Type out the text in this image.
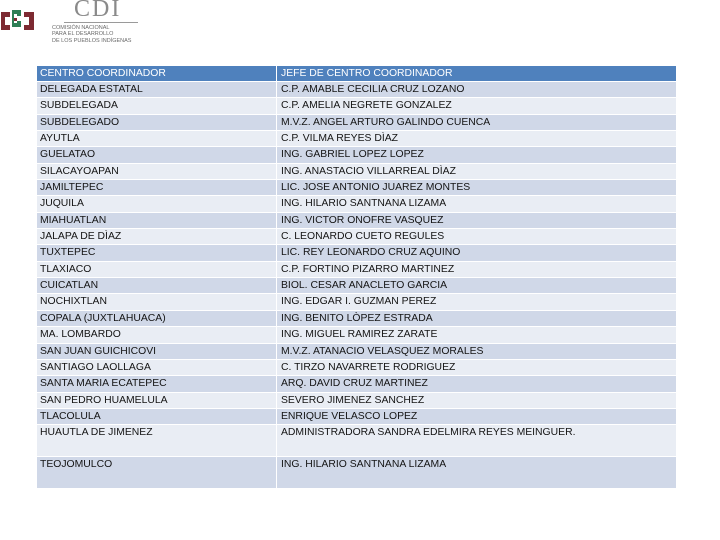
CDI
COMISIÓN NACIONAL
PARA EL DESARROLLO
DE LOS PUEBLOS INDÍGENAS
CENTRO COORDINADOR	JEFE DE CENTRO COORDINADOR
DELEGADA ESTATAL	C.P. AMABLE CECILIA CRUZ LOZANO
SUBDELEGADA	C.P. AMELIA NEGRETE GONZALEZ
SUBDELEGADO	M.V.Z. ANGEL ARTURO GALINDO CUENCA
AYUTLA	C.P. VILMA REYES DÌAZ
GUELATAO	ING. GABRIEL LOPEZ LOPEZ
SILACAYOAPAN	ING. ANASTACIO VILLARREAL DÌAZ
JAMILTEPEC	LIC. JOSE ANTONIO JUAREZ MONTES
JUQUILA	ING. HILARIO SANTNANA LIZAMA
MIAHUATLAN	ING. VICTOR ONOFRE VASQUEZ
JALAPA DE DÌAZ	C. LEONARDO CUETO REGULES
TUXTEPEC	LIC. REY LEONARDO CRUZ AQUINO
TLAXIACO	C.P. FORTINO PIZARRO MARTINEZ
CUICATLAN	BIOL. CESAR ANACLETO GARCIA
NOCHIXTLAN	ING. EDGAR I. GUZMAN PEREZ
COPALA (JUXTLAHUACA)	ING. BENITO LÒPEZ ESTRADA
MA. LOMBARDO	ING. MIGUEL RAMIREZ ZARATE
SAN JUAN GUICHICOVI	M.V.Z. ATANACIO VELASQUEZ MORALES
SANTIAGO LAOLLAGA	C. TIRZO NAVARRETE RODRIGUEZ
SANTA MARIA ECATEPEC	ARQ. DAVID CRUZ MARTINEZ
SAN PEDRO HUAMELULA	SEVERO JIMENEZ SANCHEZ
TLACOLULA	ENRIQUE VELASCO LOPEZ
HUAUTLA DE JIMENEZ	ADMINISTRADORA SANDRA EDELMIRA REYES MEINGUER.
TEOJOMULCO	ING. HILARIO SANTNANA LIZAMA
